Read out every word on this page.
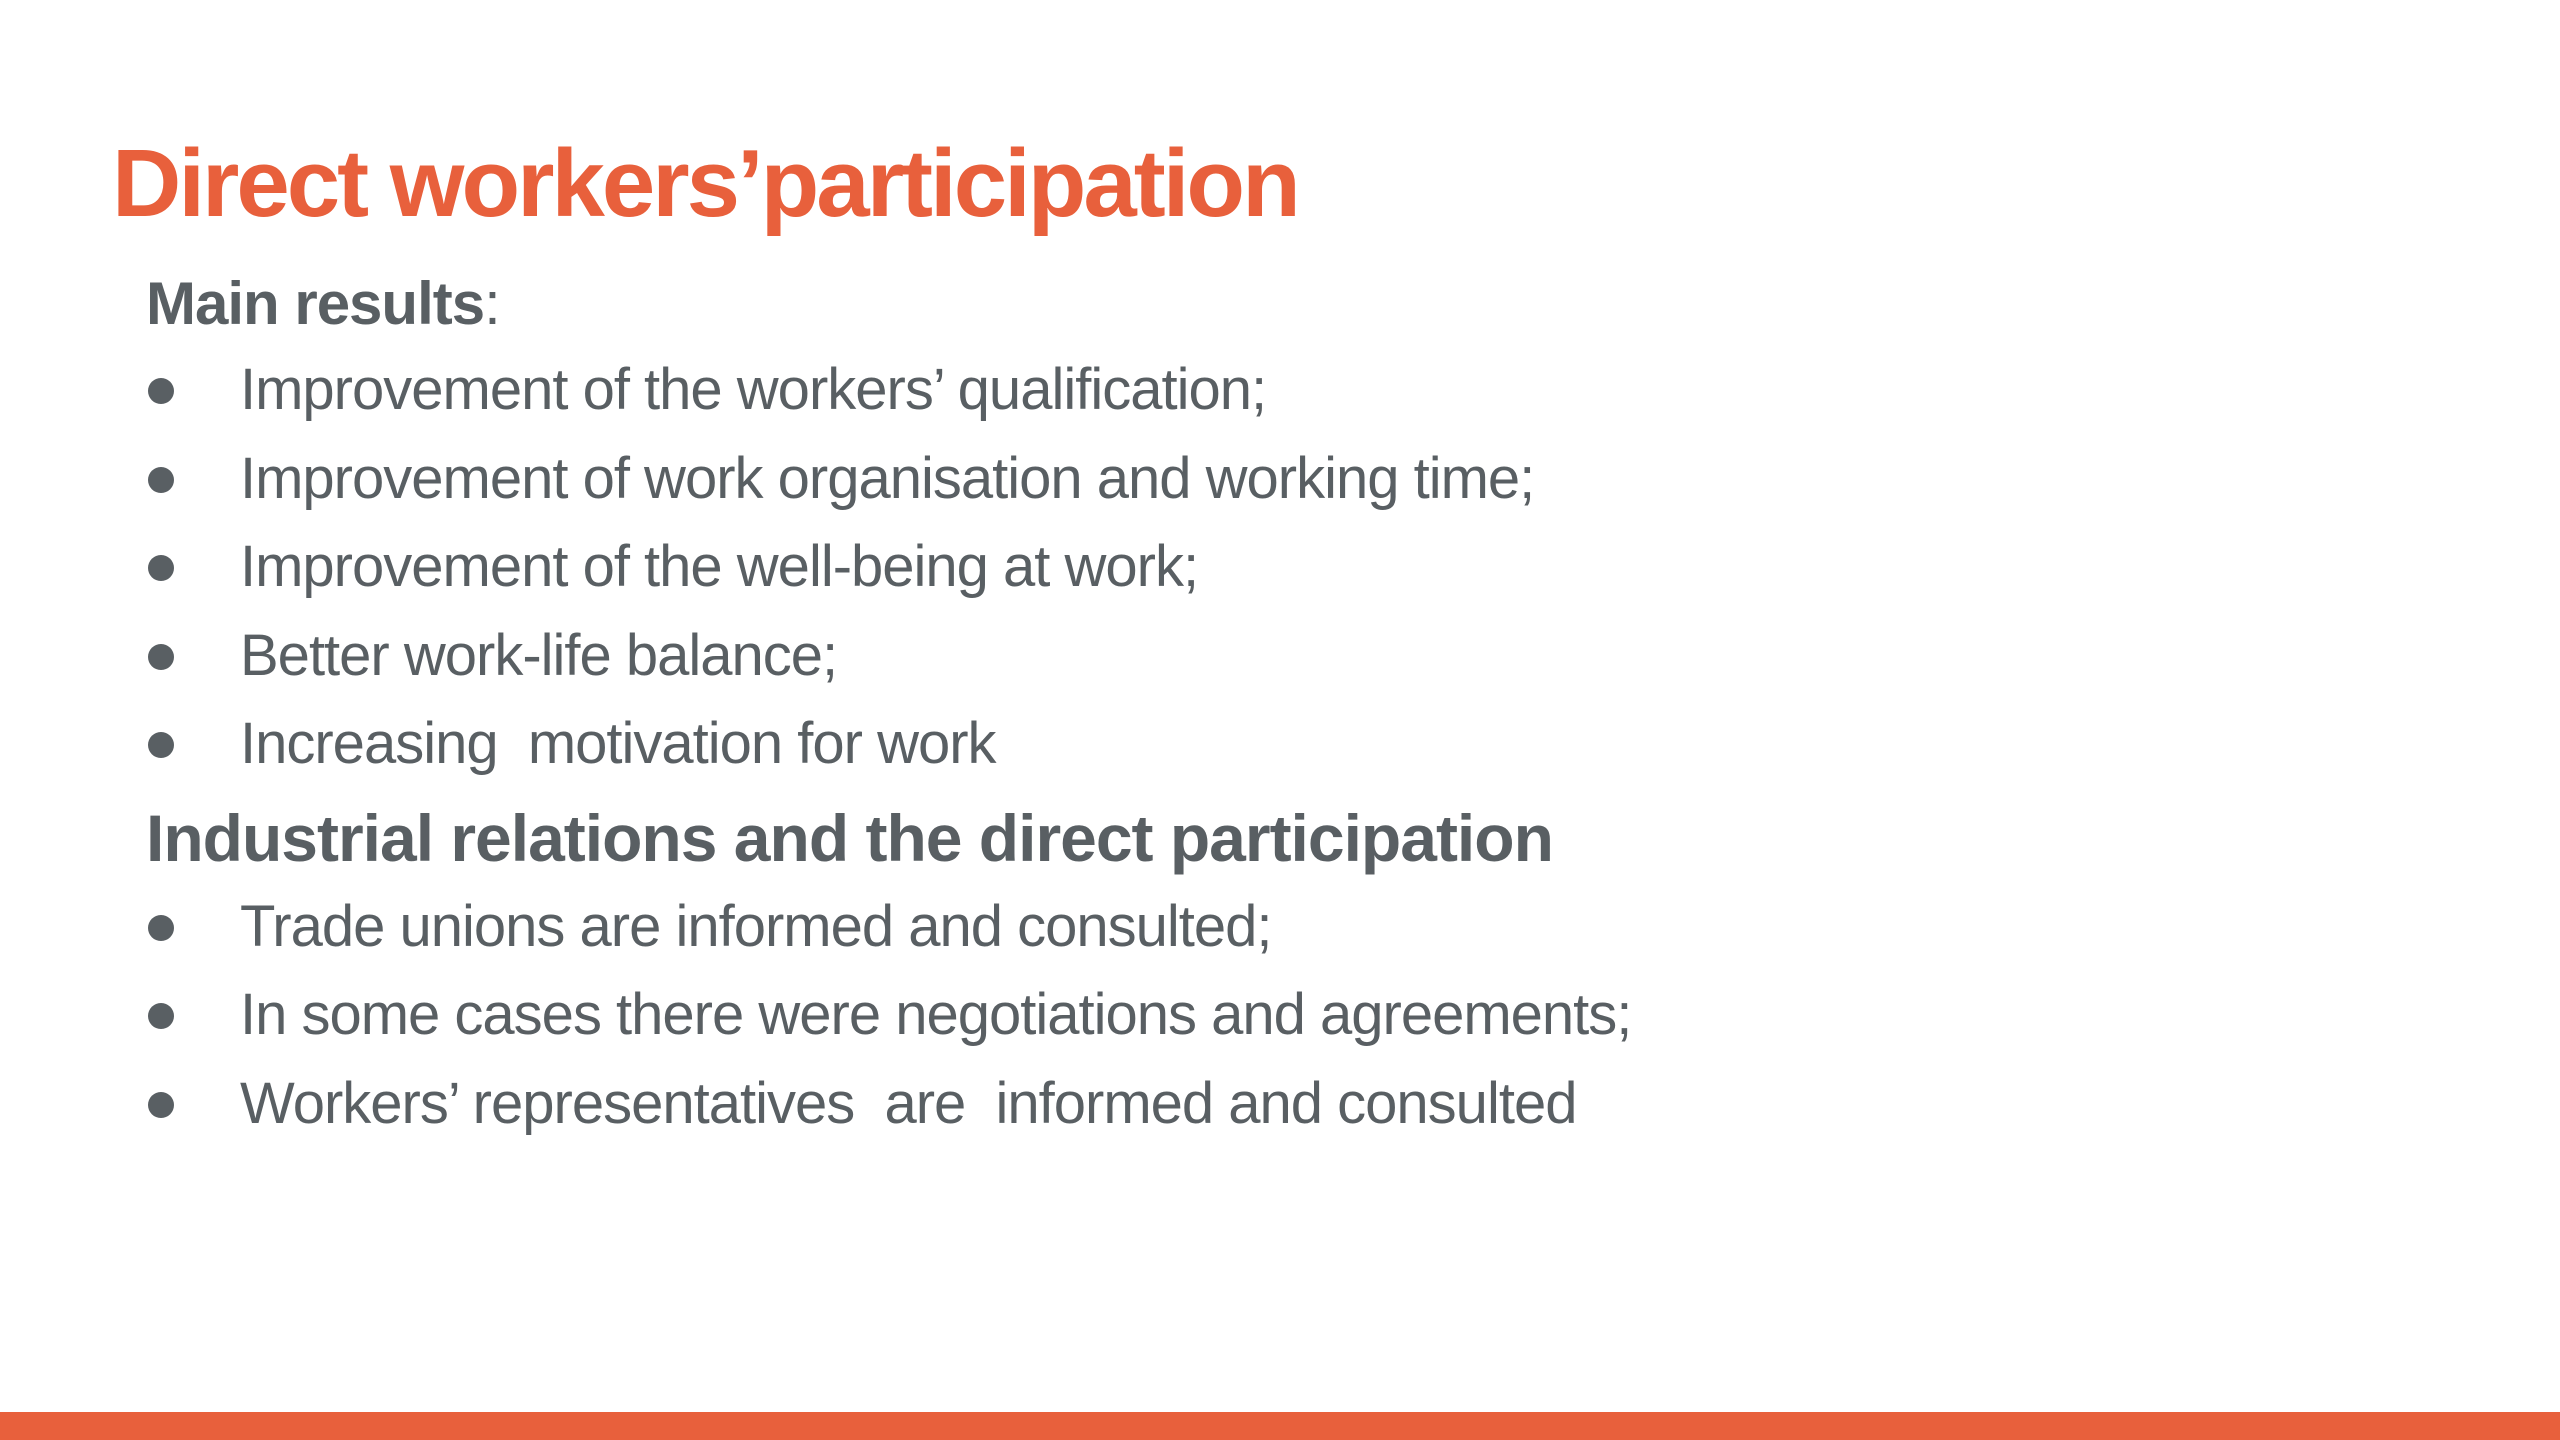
Direct workers’participation

Main results:

Improvement of the workers’ qualification;
Improvement of work organisation and working time;
Improvement of the well-being at work;
Better work-life balance;
Increasing  motivation for work

Industrial relations and the direct participation

Trade unions are informed and consulted;
In some cases there were negotiations and agreements;
Workers’ representatives  are  informed and consulted
